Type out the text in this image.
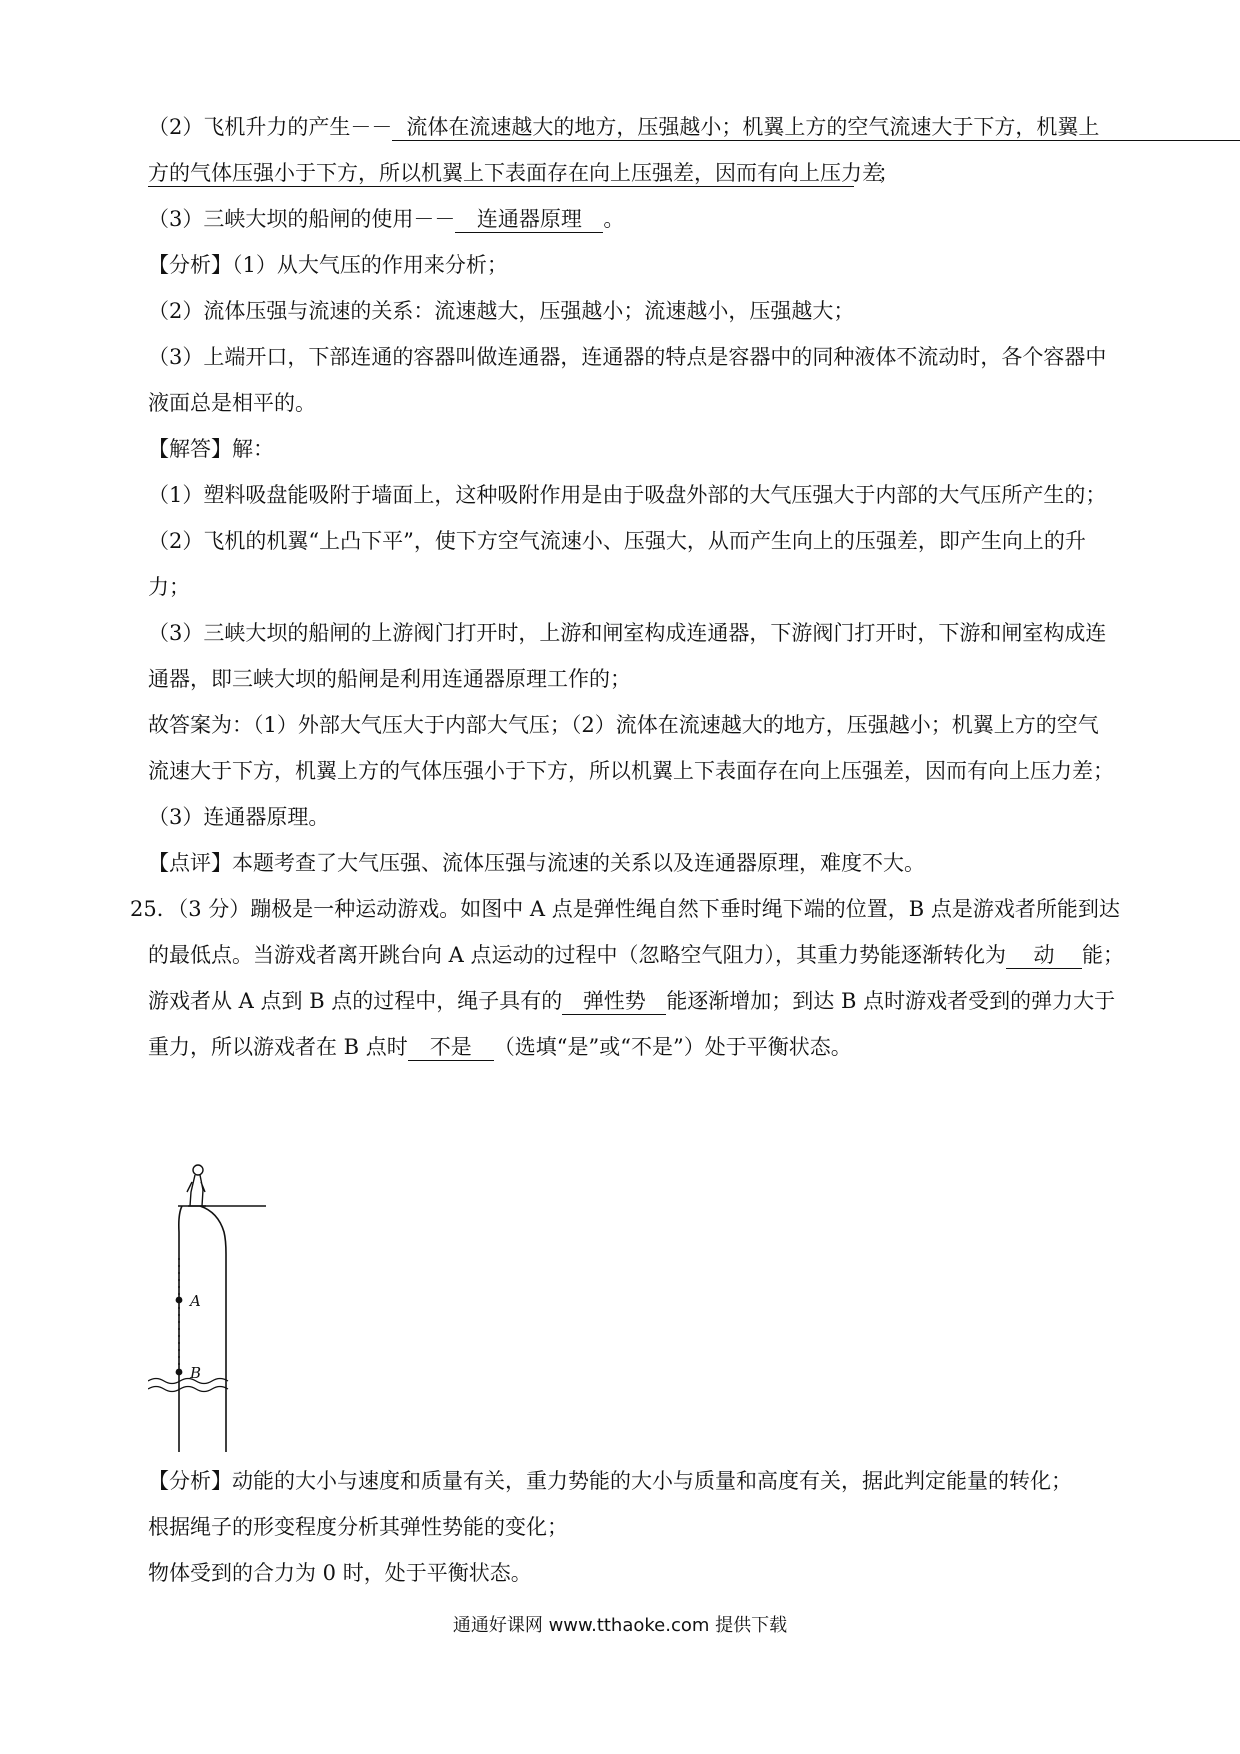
（2）飞机升力的产生－－ 流体在流速越大的地方，压强越小；机翼上方的空气流速大于下方，机翼上
方的气体压强小于下方，所以机翼上下表面存在向上压强差，因而有向上压力差；
（3）三峡大坝的船闸的使用－－ 连通器原理 。
【分析】（1）从大气压的作用来分析；
（2）流体压强与流速的关系：流速越大，压强越小；流速越小，压强越大；
（3）上端开口，下部连通的容器叫做连通器，连通器的特点是容器中的同种液体不流动时，各个容器中
液面总是相平的。
【解答】解：
（1）塑料吸盘能吸附于墙面上，这种吸附作用是由于吸盘外部的大气压强大于内部的大气压所产生的；
（2）飞机的机翼“上凸下平”，使下方空气流速小、压强大，从而产生向上的压强差，即产生向上的升
力；
（3）三峡大坝的船闸的上游阀门打开时，上游和闸室构成连通器，下游阀门打开时，下游和闸室构成连
通器，即三峡大坝的船闸是利用连通器原理工作的；
故答案为：（1）外部大气压大于内部大气压；（2）流体在流速越大的地方，压强越小；机翼上方的空气
流速大于下方，机翼上方的气体压强小于下方，所以机翼上下表面存在向上压强差，因而有向上压力差；
（3）连通器原理。
【点评】本题考查了大气压强、流体压强与流速的关系以及连通器原理，难度不大。
25．（3 分）蹦极是一种运动游戏。如图中 A 点是弹性绳自然下垂时绳下端的位置，B 点是游戏者所能到达
的最低点。当游戏者离开跳台向 A 点运动的过程中（忽略空气阻力），其重力势能逐渐转化为 动 能；
游戏者从 A 点到 B 点的过程中，绳子具有的 弹性势 能逐渐增加；到达 B 点时游戏者受到的弹力大于
重力，所以游戏者在 B 点时 不是 （选填“是”或“不是”）处于平衡状态。
A
B
【分析】动能的大小与速度和质量有关，重力势能的大小与质量和高度有关，据此判定能量的转化；
根据绳子的形变程度分析其弹性势能的变化；
物体受到的合力为 0 时，处于平衡状态。
通通好课网 www.tthaoke.com 提供下载
